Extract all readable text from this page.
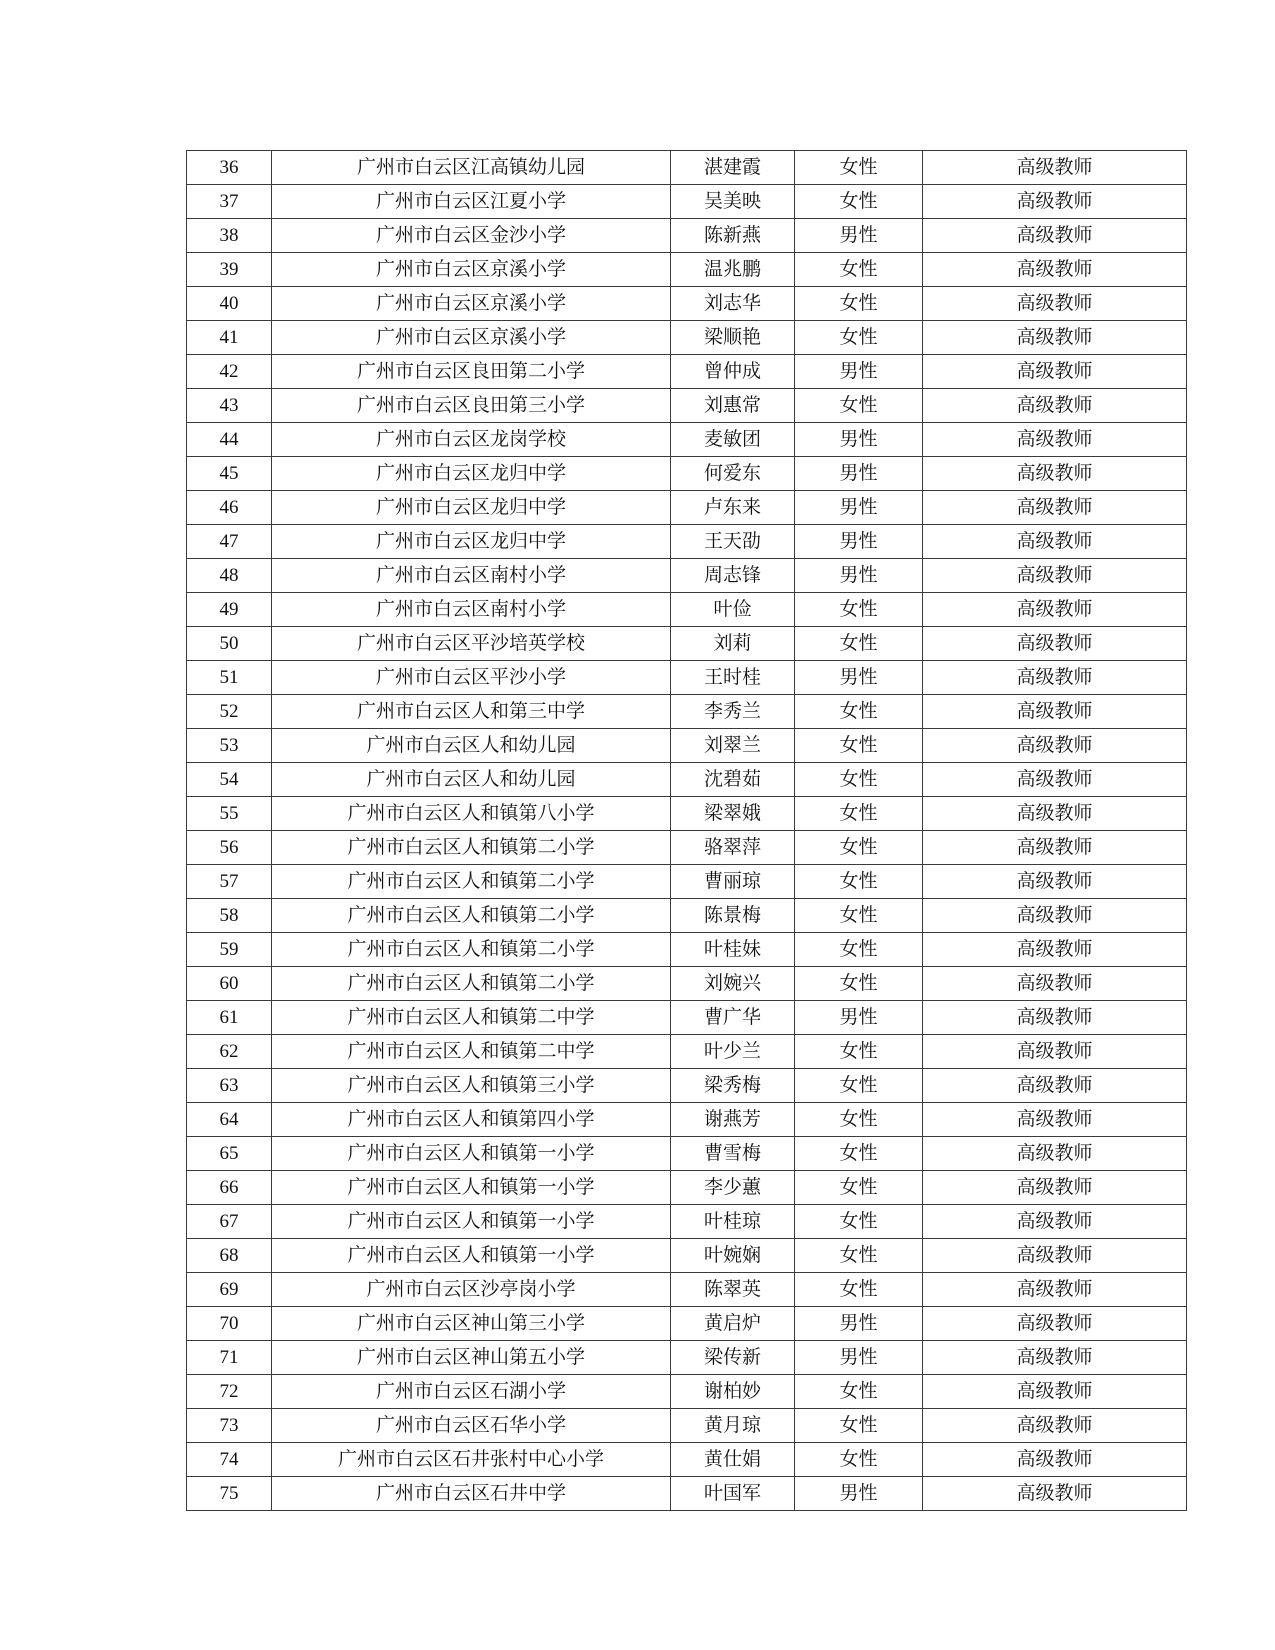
36	广州市白云区江高镇幼儿园	湛建霞	女性	高级教师
37	广州市白云区江夏小学	吴美映	女性	高级教师
38	广州市白云区金沙小学	陈新燕	男性	高级教师
39	广州市白云区京溪小学	温兆鹏	女性	高级教师
40	广州市白云区京溪小学	刘志华	女性	高级教师
41	广州市白云区京溪小学	梁顺艳	女性	高级教师
42	广州市白云区良田第二小学	曾仲成	男性	高级教师
43	广州市白云区良田第三小学	刘惠常	女性	高级教师
44	广州市白云区龙岗学校	麦敏团	男性	高级教师
45	广州市白云区龙归中学	何爱东	男性	高级教师
46	广州市白云区龙归中学	卢东来	男性	高级教师
47	广州市白云区龙归中学	王天劭	男性	高级教师
48	广州市白云区南村小学	周志锋	男性	高级教师
49	广州市白云区南村小学	叶俭	女性	高级教师
50	广州市白云区平沙培英学校	刘莉	女性	高级教师
51	广州市白云区平沙小学	王时桂	男性	高级教师
52	广州市白云区人和第三中学	李秀兰	女性	高级教师
53	广州市白云区人和幼儿园	刘翠兰	女性	高级教师
54	广州市白云区人和幼儿园	沈碧茹	女性	高级教师
55	广州市白云区人和镇第八小学	梁翠娥	女性	高级教师
56	广州市白云区人和镇第二小学	骆翠萍	女性	高级教师
57	广州市白云区人和镇第二小学	曹丽琼	女性	高级教师
58	广州市白云区人和镇第二小学	陈景梅	女性	高级教师
59	广州市白云区人和镇第二小学	叶桂妹	女性	高级教师
60	广州市白云区人和镇第二小学	刘婉兴	女性	高级教师
61	广州市白云区人和镇第二中学	曹广华	男性	高级教师
62	广州市白云区人和镇第二中学	叶少兰	女性	高级教师
63	广州市白云区人和镇第三小学	梁秀梅	女性	高级教师
64	广州市白云区人和镇第四小学	谢燕芳	女性	高级教师
65	广州市白云区人和镇第一小学	曹雪梅	女性	高级教师
66	广州市白云区人和镇第一小学	李少蕙	女性	高级教师
67	广州市白云区人和镇第一小学	叶桂琼	女性	高级教师
68	广州市白云区人和镇第一小学	叶婉娴	女性	高级教师
69	广州市白云区沙亭岗小学	陈翠英	女性	高级教师
70	广州市白云区神山第三小学	黄启炉	男性	高级教师
71	广州市白云区神山第五小学	梁传新	男性	高级教师
72	广州市白云区石湖小学	谢柏妙	女性	高级教师
73	广州市白云区石华小学	黄月琼	女性	高级教师
74	广州市白云区石井张村中心小学	黄仕娟	女性	高级教师
75	广州市白云区石井中学	叶国军	男性	高级教师
